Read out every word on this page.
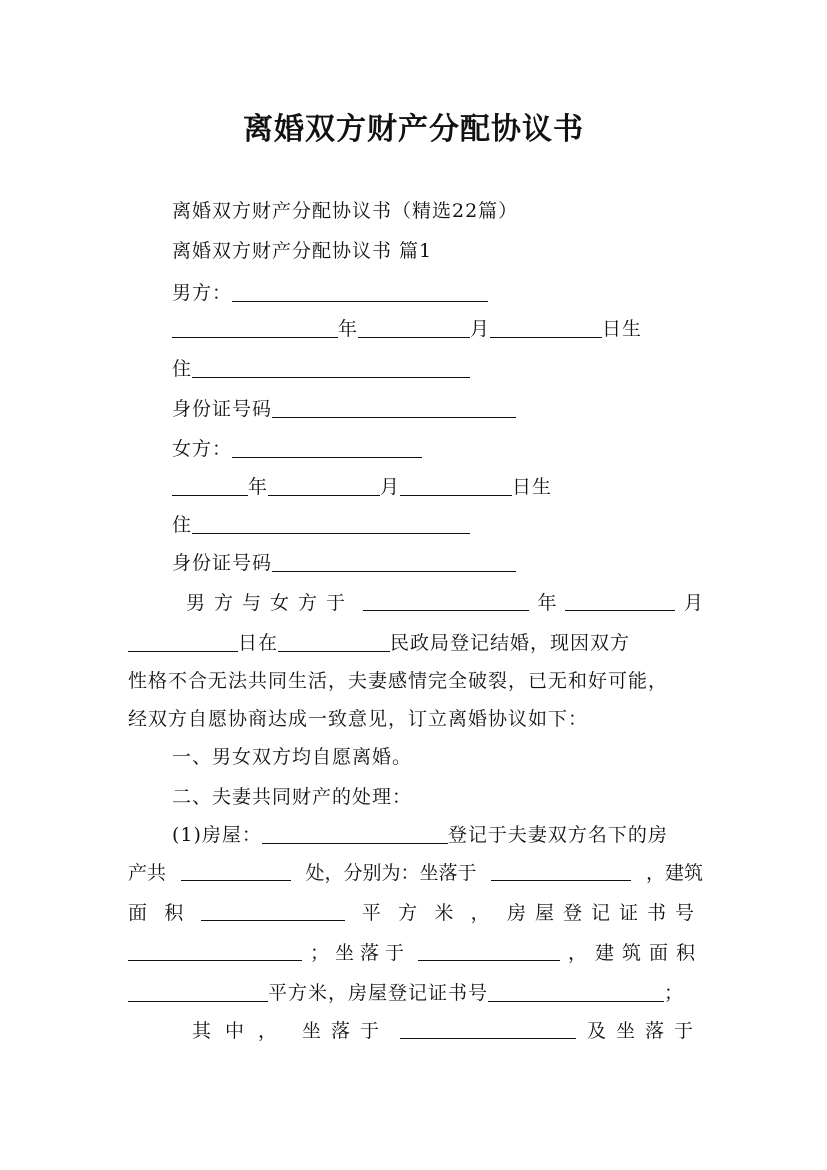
离婚双方财产分配协议书
离婚双方财产分配协议书（精选22篇）
离婚双方财产分配协议书 篇1
男方：
年	月	日生
住
身份证号码
女方：
年	月	日生
住
身份证号码
男方与女方于	年	月
日在	民政局登记结婚，现因双方
性格不合无法共同生活，夫妻感情完全破裂，已无和好可能，
经双方自愿协商达成一致意见，订立离婚协议如下：
一、男女双方均自愿离婚。
二、夫妻共同财产的处理：
(1)房屋：	登记于夫妻双方名下的房
产共	处，分别为：坐落于	，建筑
面 积	平 方 米 ， 房屋登记证书号
；坐落于	， 建筑面积
平方米，房屋登记证书号	；
其中， 坐落于	及坐落于
